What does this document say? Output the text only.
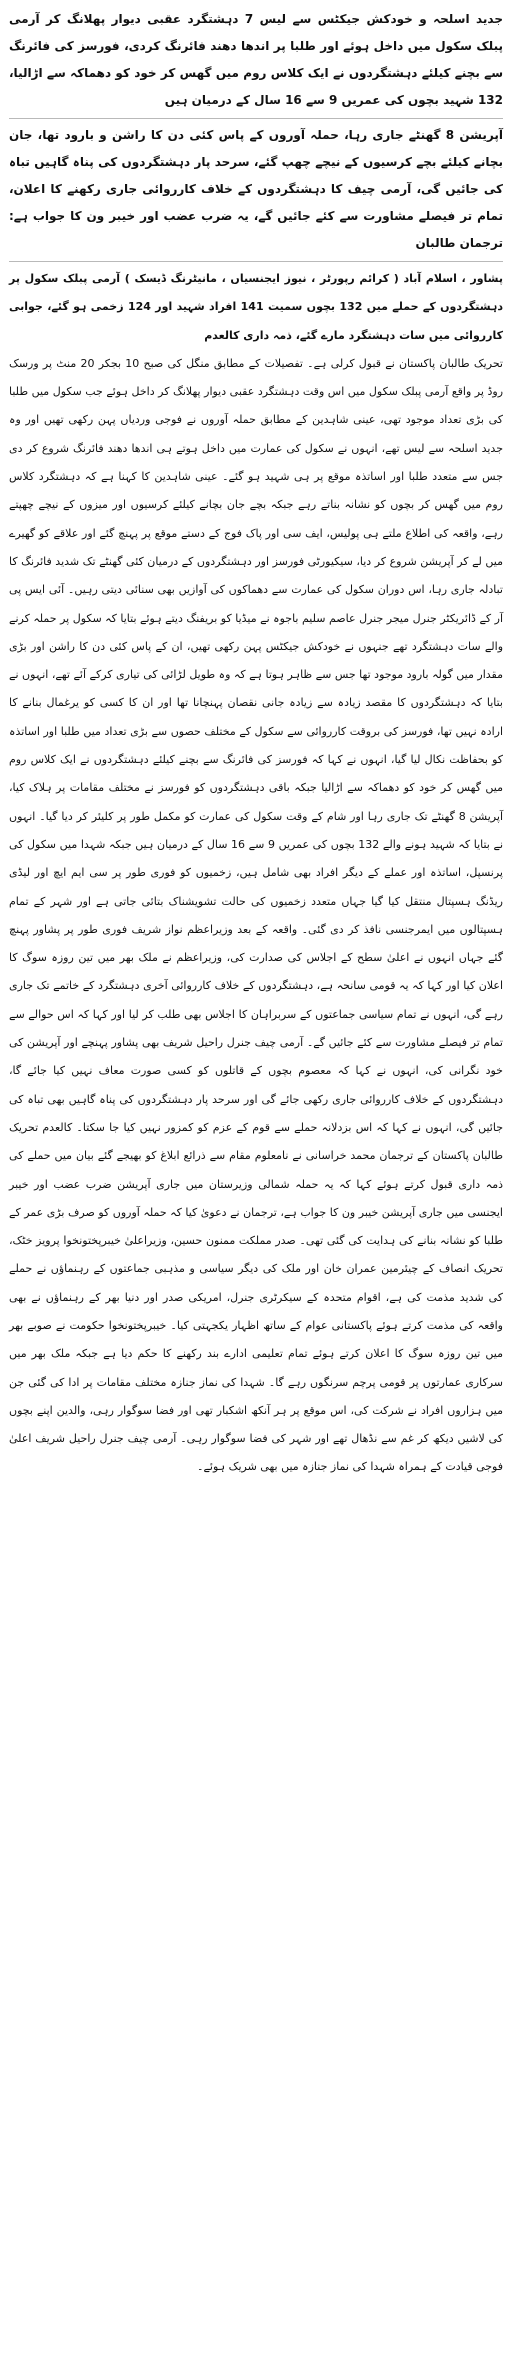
جدید اسلحہ و خودکش جیکٹس سے لیس 7 دہشتگرد عقبی دیوار پھلانگ کر آرمی پبلک سکول میں داخل ہوئے اور طلبا پر اندھا دھند فائرنگ کردی، فورسز کی فائرنگ سے بچنے کیلئے دہشتگردوں نے ایک کلاس روم میں گھس کر خود کو دھماکہ سے اڑالیا، 132 شہید بچوں کی عمریں 9 سے 16 سال کے درمیان ہیں

آپریشن 8 گھنٹے جاری رہا، حملہ آوروں کے پاس کئی دن کا راشن و بارود تھا، جان بچانے کیلئے بچے کرسیوں کے نیچے چھپ گئے، سرحد پار دہشتگردوں کی پناہ گاہیں تباہ کی جائیں گی، آرمی چیف کا دہشتگردوں کے خلاف کارروائی جاری رکھنے کا اعلان، تمام تر فیصلے مشاورت سے کئے جائیں گے، یہ ضرب عضب اور خیبر ون کا جواب ہے: ترجمان طالبان

پشاور ، اسلام آباد ( کرائم رپورٹر ، نیوز ایجنسیاں ، مانیٹرنگ ڈیسک ) آرمی پبلک سکول پر دہشتگردوں کے حملے میں 132 بچوں سمیت 141 افراد شہید اور 124 زخمی ہو گئے، جوابی کارروائی میں سات دہشتگرد مارے گئے، ذمہ داری کالعدم

تحریک طالبان پاکستان نے قبول کرلی ہے۔ تفصیلات کے مطابق منگل کی صبح 10 بجکر 20 منٹ پر ورسک روڈ پر واقع آرمی پبلک سکول میں اس وقت دہشتگرد عقبی دیوار پھلانگ کر داخل ہوئے جب سکول میں طلبا کی بڑی تعداد موجود تھی، عینی شاہدین کے مطابق حملہ آوروں نے فوجی وردیاں پہن رکھی تھیں اور وہ جدید اسلحہ سے لیس تھے، انہوں نے سکول کی عمارت میں داخل ہوتے ہی اندھا دھند فائرنگ شروع کر دی جس سے متعدد طلبا اور اساتذہ موقع پر ہی شہید ہو گئے۔ عینی شاہدین کا کہنا ہے کہ دہشتگرد کلاس روم میں گھس کر بچوں کو نشانہ بناتے رہے جبکہ بچے جان بچانے کیلئے کرسیوں اور میزوں کے نیچے چھپتے رہے، واقعہ کی اطلاع ملتے ہی پولیس، ایف سی اور پاک فوج کے دستے موقع پر پہنچ گئے اور علاقے کو گھیرے میں لے کر آپریشن شروع کر دیا، سیکیورٹی فورسز اور دہشتگردوں کے درمیان کئی گھنٹے تک شدید فائرنگ کا تبادلہ جاری رہا، اس دوران سکول کی عمارت سے دھماکوں کی آوازیں بھی سنائی دیتی رہیں۔ آئی ایس پی آر کے ڈائریکٹر جنرل میجر جنرل عاصم سلیم باجوہ نے میڈیا کو بریفنگ دیتے ہوئے بتایا کہ سکول پر حملہ کرنے والے سات دہشتگرد تھے جنہوں نے خودکش جیکٹس پہن رکھی تھیں، ان کے پاس کئی دن کا راشن اور بڑی مقدار میں گولہ بارود موجود تھا جس سے ظاہر ہوتا ہے کہ وہ طویل لڑائی کی تیاری کرکے آئے تھے، انہوں نے بتایا کہ دہشتگردوں کا مقصد زیادہ سے زیادہ جانی نقصان پہنچانا تھا اور ان کا کسی کو یرغمال بنانے کا ارادہ نہیں تھا، فورسز کی بروقت کارروائی سے سکول کے مختلف حصوں سے بڑی تعداد میں طلبا اور اساتذہ کو بحفاظت نکال لیا گیا، انہوں نے کہا کہ فورسز کی فائرنگ سے بچنے کیلئے دہشتگردوں نے ایک کلاس روم میں گھس کر خود کو دھماکہ سے اڑالیا جبکہ باقی دہشتگردوں کو فورسز نے مختلف مقامات پر ہلاک کیا، آپریشن 8 گھنٹے تک جاری رہا اور شام کے وقت سکول کی عمارت کو مکمل طور پر کلیئر کر دیا گیا۔ انہوں نے بتایا کہ شہید ہونے والے 132 بچوں کی عمریں 9 سے 16 سال کے درمیان ہیں جبکہ شہدا میں سکول کی پرنسپل، اساتذہ اور عملے کے دیگر افراد بھی شامل ہیں، زخمیوں کو فوری طور پر سی ایم ایچ اور لیڈی ریڈنگ ہسپتال منتقل کیا گیا جہاں متعدد زخمیوں کی حالت تشویشناک بتائی جاتی ہے اور شہر کے تمام ہسپتالوں میں ایمرجنسی نافذ کر دی گئی۔ واقعہ کے بعد وزیراعظم نواز شریف فوری طور پر پشاور پہنچ گئے جہاں انہوں نے اعلیٰ سطح کے اجلاس کی صدارت کی، وزیراعظم نے ملک بھر میں تین روزہ سوگ کا اعلان کیا اور کہا کہ یہ قومی سانحہ ہے، دہشتگردوں کے خلاف کارروائی آخری دہشتگرد کے خاتمے تک جاری رہے گی، انہوں نے تمام سیاسی جماعتوں کے سربراہان کا اجلاس بھی طلب کر لیا اور کہا کہ اس حوالے سے تمام تر فیصلے مشاورت سے کئے جائیں گے۔ آرمی چیف جنرل راحیل شریف بھی پشاور پہنچے اور آپریشن کی خود نگرانی کی، انہوں نے کہا کہ معصوم بچوں کے قاتلوں کو کسی صورت معاف نہیں کیا جائے گا، دہشتگردوں کے خلاف کارروائی جاری رکھی جائے گی اور سرحد پار دہشتگردوں کی پناہ گاہیں بھی تباہ کی جائیں گی، انہوں نے کہا کہ اس بزدلانہ حملے سے قوم کے عزم کو کمزور نہیں کیا جا سکتا۔ کالعدم تحریک طالبان پاکستان کے ترجمان محمد خراسانی نے نامعلوم مقام سے ذرائع ابلاغ کو بھیجے گئے بیان میں حملے کی ذمہ داری قبول کرتے ہوئے کہا کہ یہ حملہ شمالی وزیرستان میں جاری آپریشن ضرب عضب اور خیبر ایجنسی میں جاری آپریشن خیبر ون کا جواب ہے، ترجمان نے دعویٰ کیا کہ حملہ آوروں کو صرف بڑی عمر کے طلبا کو نشانہ بنانے کی ہدایت کی گئی تھی۔ صدر مملکت ممنون حسین، وزیراعلیٰ خیبرپختونخوا پرویز خٹک، تحریک انصاف کے چیئرمین عمران خان اور ملک کی دیگر سیاسی و مذہبی جماعتوں کے رہنماؤں نے حملے کی شدید مذمت کی ہے، اقوام متحدہ کے سیکرٹری جنرل، امریکی صدر اور دنیا بھر کے رہنماؤں نے بھی واقعہ کی مذمت کرتے ہوئے پاکستانی عوام کے ساتھ اظہار یکجہتی کیا۔ خیبرپختونخوا حکومت نے صوبے بھر میں تین روزہ سوگ کا اعلان کرتے ہوئے تمام تعلیمی ادارے بند رکھنے کا حکم دیا ہے جبکہ ملک بھر میں سرکاری عمارتوں پر قومی پرچم سرنگوں رہے گا۔ شہدا کی نماز جنازہ مختلف مقامات پر ادا کی گئی جن میں ہزاروں افراد نے شرکت کی، اس موقع پر ہر آنکھ اشکبار تھی اور فضا سوگوار رہی، والدین اپنے بچوں کی لاشیں دیکھ کر غم سے نڈھال تھے اور شہر کی فضا سوگوار رہی۔ آرمی چیف جنرل راحیل شریف اعلیٰ فوجی قیادت کے ہمراہ شہدا کی نماز جنازہ میں بھی شریک ہوئے۔
